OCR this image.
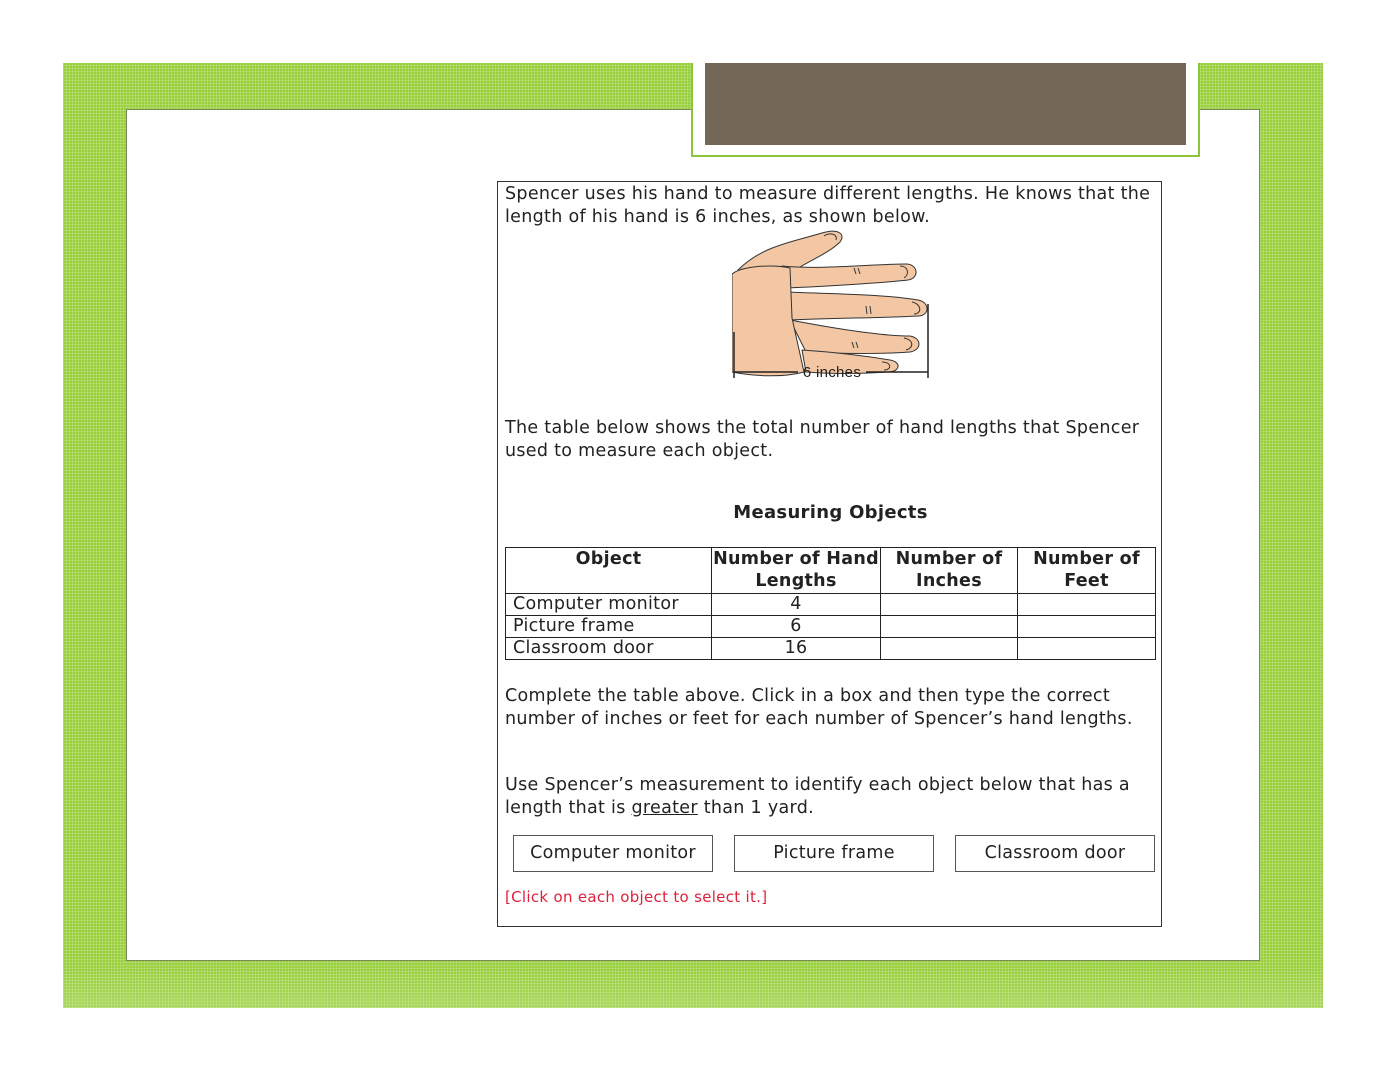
Spencer uses his hand to measure different lengths. He knows that the length of his hand is 6 inches, as shown below.

6 inches

The table below shows the total number of hand lengths that Spencer used to measure each object.

Measuring Objects

Object	Number of Hand Lengths	Number of Inches	Number of Feet
Computer monitor	4		
Picture frame	6		
Classroom door	16		

Complete the table above. Click in a box and then type the correct number of inches or feet for each number of Spencer’s hand lengths.

Use Spencer’s measurement to identify each object below that has a length that is greater than 1 yard.

Computer monitor	Picture frame	Classroom door

[Click on each object to select it.]
